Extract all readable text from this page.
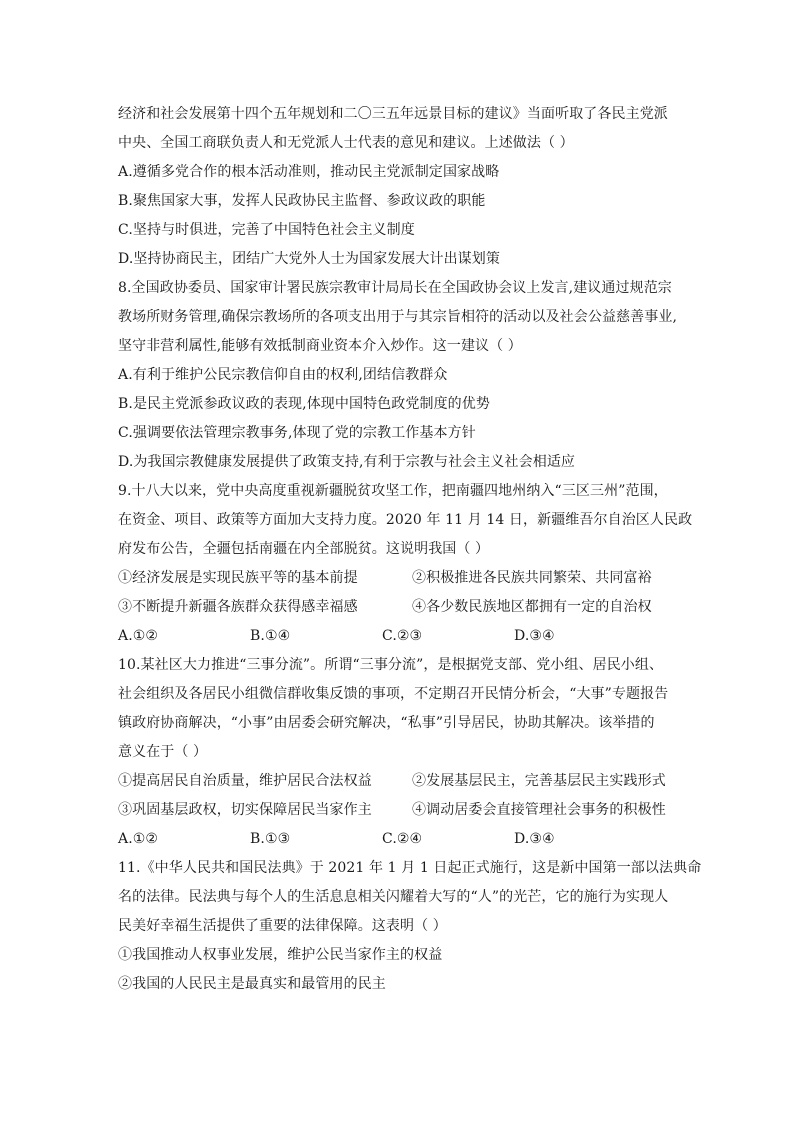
经济和社会发展第十四个五年规划和二〇三五年远景目标的建议》当面听取了各民主党派
中央、全国工商联负责人和无党派人士代表的意见和建议。上述做法（ ）
A.遵循多党合作的根本活动准则，推动民主党派制定国家战略
B.聚焦国家大事，发挥人民政协民主监督、参政议政的职能
C.坚持与时俱进，完善了中国特色社会主义制度
D.坚持协商民主，团结广大党外人士为国家发展大计出谋划策
8.全国政协委员、国家审计署民族宗教审计局局长在全国政协会议上发言,建议通过规范宗
教场所财务管理,确保宗教场所的各项支出用于与其宗旨相符的活动以及社会公益慈善事业,
坚守非营利属性,能够有效抵制商业资本介入炒作。这一建议（ ）
A.有利于维护公民宗教信仰自由的权利,团结信教群众
B.是民主党派参政议政的表现,体现中国特色政党制度的优势
C.强调要依法管理宗教事务,体现了党的宗教工作基本方针
D.为我国宗教健康发展提供了政策支持,有利于宗教与社会主义社会相适应
9.十八大以来，党中央高度重视新疆脱贫攻坚工作，把南疆四地州纳入“三区三州”范围，
在资金、项目、政策等方面加大支持力度。2020 年 11 月 14 日，新疆维吾尔自治区人民政
府发布公告，全疆包括南疆在内全部脱贫。这说明我国（ ）
①经济发展是实现民族平等的基本前提	②积极推进各民族共同繁荣、共同富裕
③不断提升新疆各族群众获得感幸福感	④各少数民族地区都拥有一定的自治权
A.①②	B.①④	C.②③	D.③④
10.某社区大力推进“三事分流”。所谓“三事分流”，是根据党支部、党小组、居民小组、
社会组织及各居民小组微信群收集反馈的事项，不定期召开民情分析会，“大事”专题报告
镇政府协商解决，“小事”由居委会研究解决，“私事”引导居民，协助其解决。该举措的
意义在于（ ）
①提高居民自治质量，维护居民合法权益	②发展基层民主，完善基层民主实践形式
③巩固基层政权，切实保障居民当家作主	④调动居委会直接管理社会事务的积极性
A.①②	B.①③	C.②④	D.③④
11.《中华人民共和国民法典》于 2021 年 1 月 1 日起正式施行，这是新中国第一部以法典命
名的法律。民法典与每个人的生活息息相关闪耀着大写的“人”的光芒，它的施行为实现人
民美好幸福生活提供了重要的法律保障。这表明（ ）
①我国推动人权事业发展，维护公民当家作主的权益
②我国的人民民主是最真实和最管用的民主
